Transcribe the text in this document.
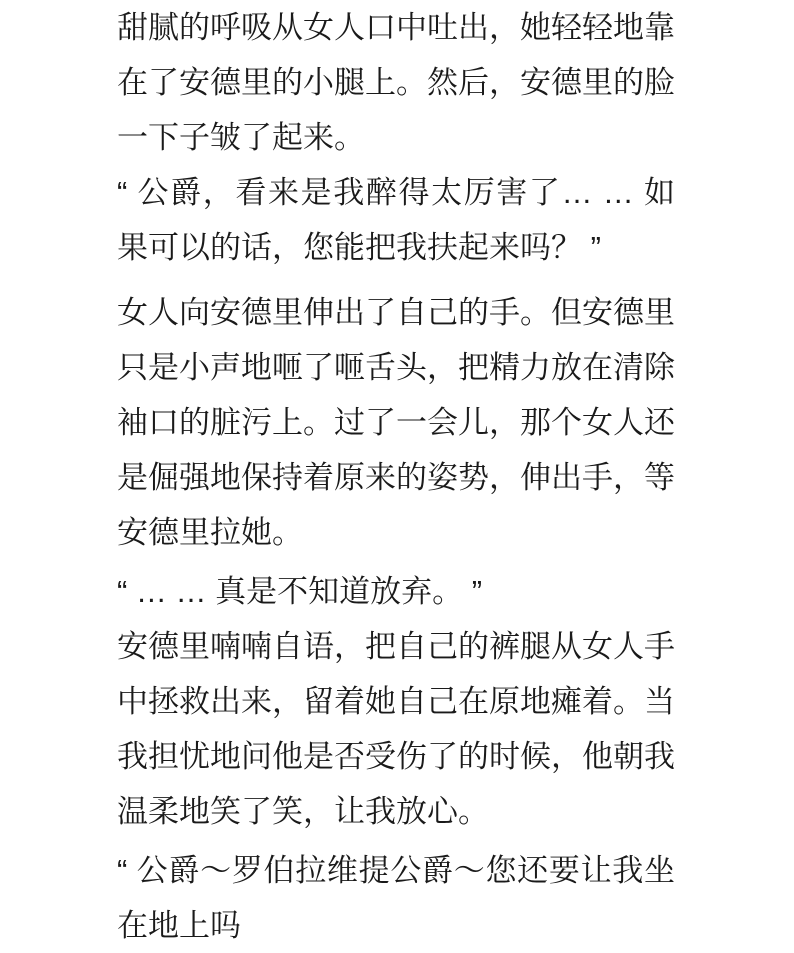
甜腻的呼吸从女人口中吐出，她轻轻地靠在了安德里的小腿上。然后，安德里的脸一下子皱了起来。

“ 公爵，看来是我醉得太厉害了… … 如果可以的话，您能把我扶起来吗？ ”

女人向安德里伸出了自己的手。但安德里只是小声地咂了咂舌头，把精力放在清除袖口的脏污上。过了一会儿，那个女人还是倔强地保持着原来的姿势，伸出手，等安德里拉她。

“ … … 真是不知道放弃。 ”

安德里喃喃自语，把自己的裤腿从女人手中拯救出来，留着她自己在原地瘫着。当我担忧地问他是否受伤了的时候，他朝我温柔地笑了笑，让我放心。

“ 公爵～罗伯拉维提公爵～您还要让我坐在地上吗
